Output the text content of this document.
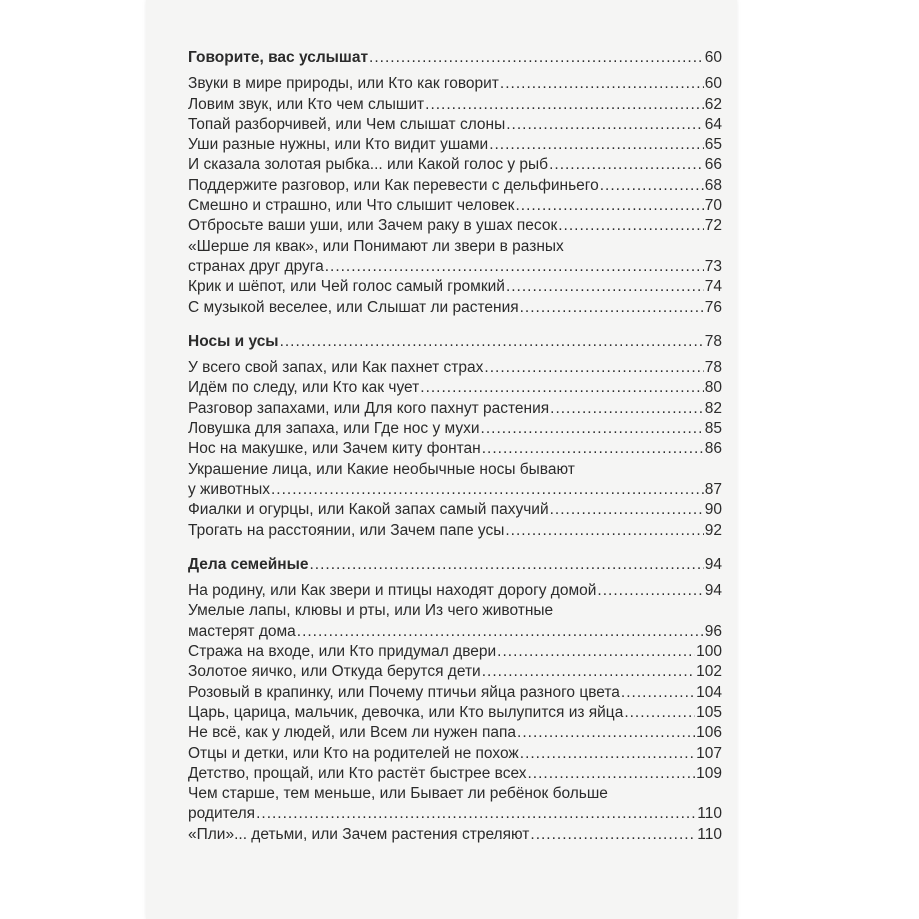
Говорите, вас услышат .....	60
Звуки в мире природы, или Кто как говорит .....	60
Ловим звук, или Кто чем слышит .....	62
Топай разборчивей, или Чем слышат слоны .....	64
Уши разные нужны, или Кто видит ушами .....	65
И сказала золотая рыбка... или Какой голос у рыб .....	66
Поддержите разговор, или Как перевести с дельфиньего .....	68
Смешно и страшно, или Что слышит человек .....	70
Отбросьте ваши уши, или Зачем раку в ушах песок .....	72
«Шерше ля квак», или Понимают ли звери в разных
странах друг друга .....	73
Крик и шёпот, или Чей голос самый громкий .....	74
С музыкой веселее, или Слышат ли растения .....	76
Носы и усы .....	78
У всего свой запах, или Как пахнет страх .....	78
Идём по следу, или Кто как чует .....	80
Разговор запахами, или Для кого пахнут растения .....	82
Ловушка для запаха, или Где нос у мухи .....	85
Нос на макушке, или Зачем киту фонтан .....	86
Украшение лица, или Какие необычные носы бывают
у животных .....	87
Фиалки и огурцы, или Какой запах самый пахучий .....	90
Трогать на расстоянии, или Зачем папе усы .....	92
Дела семейные .....	94
На родину, или Как звери и птицы находят дорогу домой .....	94
Умелые лапы, клювы и рты, или Из чего животные
мастерят дома .....	96
Стража на входе, или Кто придумал двери .....	100
Золотое яичко, или Откуда берутся дети .....	102
Розовый в крапинку, или Почему птичьи яйца разного цвета .....	104
Царь, царица, мальчик, девочка, или Кто вылупится из яйца .....	105
Не всё, как у людей, или Всем ли нужен папа .....	106
Отцы и детки, или Кто на родителей не похож .....	107
Детство, прощай, или Кто растёт быстрее всех .....	109
Чем старше, тем меньше, или Бывает ли ребёнок больше
родителя .....	110
«Пли»... детьми, или Зачем растения стреляют .....	110
